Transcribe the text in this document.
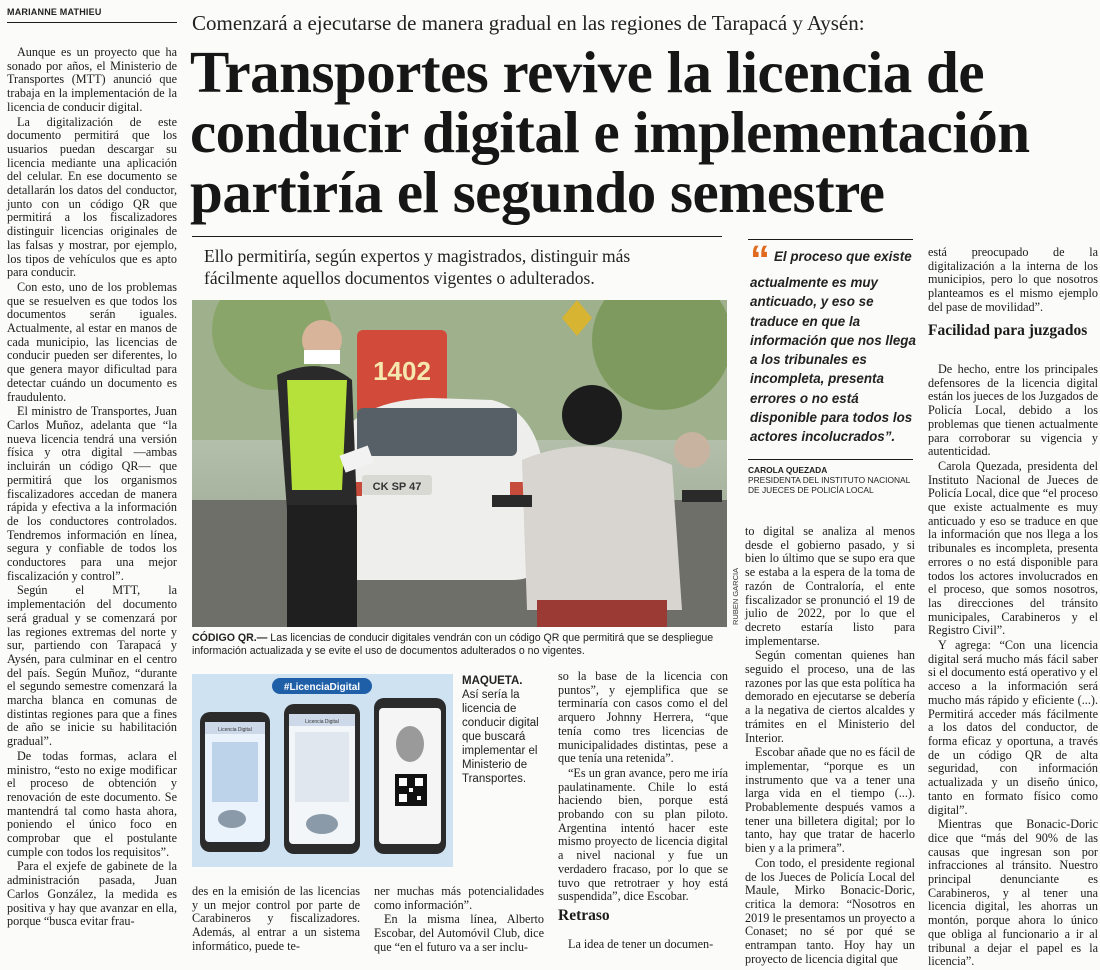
MARIANNE MATHIEU

Aunque es un proyecto que ha sonado por años, el Ministerio de Transportes (MTT) anunció que trabaja en la implementación de la licencia de conducir digital.

La digitalización de este documento permitirá que los usuarios puedan descargar su licencia mediante una aplicación del celular. En ese documento se detallarán los datos del conductor, junto con un código QR que permitirá a los fiscalizadores distinguir licencias originales de las falsas y mostrar, por ejemplo, los tipos de vehículos que es apto para conducir.

Con esto, uno de los problemas que se resuelven es que todos los documentos serán iguales. Actualmente, al estar en manos de cada municipio, las licencias de conducir pueden ser diferentes, lo que genera mayor dificultad para detectar cuándo un documento es fraudulento.

El ministro de Transportes, Juan Carlos Muñoz, adelanta que “la nueva licencia tendrá una versión física y otra digital —ambas incluirán un código QR— que permitirá que los organismos fiscalizadores accedan de manera rápida y efectiva a la información de los conductores controlados. Tendremos información en línea, segura y confiable de todos los conductores para una mejor fiscalización y control”.

Según el MTT, la implementación del documento será gradual y se comenzará por las regiones extremas del norte y sur, partiendo con Tarapacá y Aysén, para culminar en el centro del país. Según Muñoz, “durante el segundo semestre comenzará la marcha blanca en comunas de distintas regiones para que a fines de año se inicie su habilitación gradual”.

De todas formas, aclara el ministro, “esto no exige modificar el proceso de obtención y renovación de este documento. Se mantendrá tal como hasta ahora, poniendo el único foco en comprobar que el postulante cumple con todos los requisitos”.

Para el exjefe de gabinete de la administración pasada, Juan Carlos González, la medida es positiva y hay que avanzar en ella, porque “busca evitar frau-

Comenzará a ejecutarse de manera gradual en las regiones de Tarapacá y Aysén:
Transportes revive la licencia de
conducir digital e implementación
partiría el segundo semestre
Ello permitiría, según expertos y magistrados, distinguir más
fácilmente aquellos documentos vigentes o adulterados.
1402
CK SP 47
RUBEN GARCIA
CÓDIGO QR.— Las licencias de conducir digitales vendrán con un código QR que permitirá que se despliegue información actualizada y se evite el uso de documentos adulterados o no vigentes.
#LicenciaDigital
Licencia Digital
Licencia Digital
MAQUETA.
Así sería la licencia de conducir digital que buscará implementar el Ministerio de Transportes.

des en la emisión de las licencias y un mejor control por parte de Carabineros y fiscalizadores. Además, al entrar a un sistema informático, puede te-

ner muchas más potencialidades como información”.

En la misma línea, Alberto Escobar, del Automóvil Club, dice que “en el futuro va a ser inclu-

so la base de la licencia con puntos”, y ejemplifica que se terminaría con casos como el del arquero Johnny Herrera, “que tenía como tres licencias de municipalidades distintas, pese a que tenía una retenida”.

“Es un gran avance, pero me iría paulatinamente. Chile lo está haciendo bien, porque está probando con su plan piloto. Argentina intentó hacer este mismo proyecto de licencia digital a nivel nacional y fue un verdadero fracaso, por lo que se tuvo que retrotraer y hoy está suspendida”, dice Escobar.

Retraso

La idea de tener un documen-

“ El proceso que existe actualmente es muy anticuado, y eso se traduce en que la información que nos llega a los tribunales es incompleta, presenta errores o no está disponible para todos los actores incolucrados”.
CAROLA QUEZADA
PRESIDENTA DEL INSTITUTO NACIONAL DE JUECES DE POLICÍA LOCAL

to digital se analiza al menos desde el gobierno pasado, y si bien lo último que se supo era que se estaba a la espera de la toma de razón de Contraloría, el ente fiscalizador se pronunció el 19 de julio de 2022, por lo que el decreto estaría listo para implementarse.

Según comentan quienes han seguido el proceso, una de las razones por las que esta política ha demorado en ejecutarse se debería a la negativa de ciertos alcaldes y trámites en el Ministerio del Interior.

Escobar añade que no es fácil de implementar, “porque es un instrumento que va a tener una larga vida en el tiempo (...). Probablemente después vamos a tener una billetera digital; por lo tanto, hay que tratar de hacerlo bien y a la primera”.

Con todo, el presidente regional de los Jueces de Policía Local del Maule, Mirko Bonacic-Doric, critica la demora: “Nosotros en 2019 le presentamos un proyecto a Conaset; no sé por qué se entrampan tanto. Hoy hay un proyecto de licencia digital que

está preocupado de la digitalización a la interna de los municipios, pero lo que nosotros planteamos es el mismo ejemplo del pase de movilidad”.

Facilidad para juzgados

De hecho, entre los principales defensores de la licencia digital están los jueces de los Juzgados de Policía Local, debido a los problemas que tienen actualmente para corroborar su vigencia y autenticidad.

Carola Quezada, presidenta del Instituto Nacional de Jueces de Policía Local, dice que “el proceso que existe actualmente es muy anticuado y eso se traduce en que la información que nos llega a los tribunales es incompleta, presenta errores o no está disponible para todos los actores involucrados en el proceso, que somos nosotros, las direcciones del tránsito municipales, Carabineros y el Registro Civil”.

Y agrega: “Con una licencia digital será mucho más fácil saber si el documento está operativo y el acceso a la información será mucho más rápido y eficiente (...). Permitirá acceder más fácilmente a los datos del conductor, de forma eficaz y oportuna, a través de un código QR de alta seguridad, con información actualizada y un diseño único, tanto en formato físico como digital”.

Mientras que Bonacic-Doric dice que “más del 90% de las causas que ingresan son por infracciones al tránsito. Nuestro principal denunciante es Carabineros, y al tener una licencia digital, les ahorras un montón, porque ahora lo único que obliga al funcionario a ir al tribunal a dejar el papel es la licencia”.
